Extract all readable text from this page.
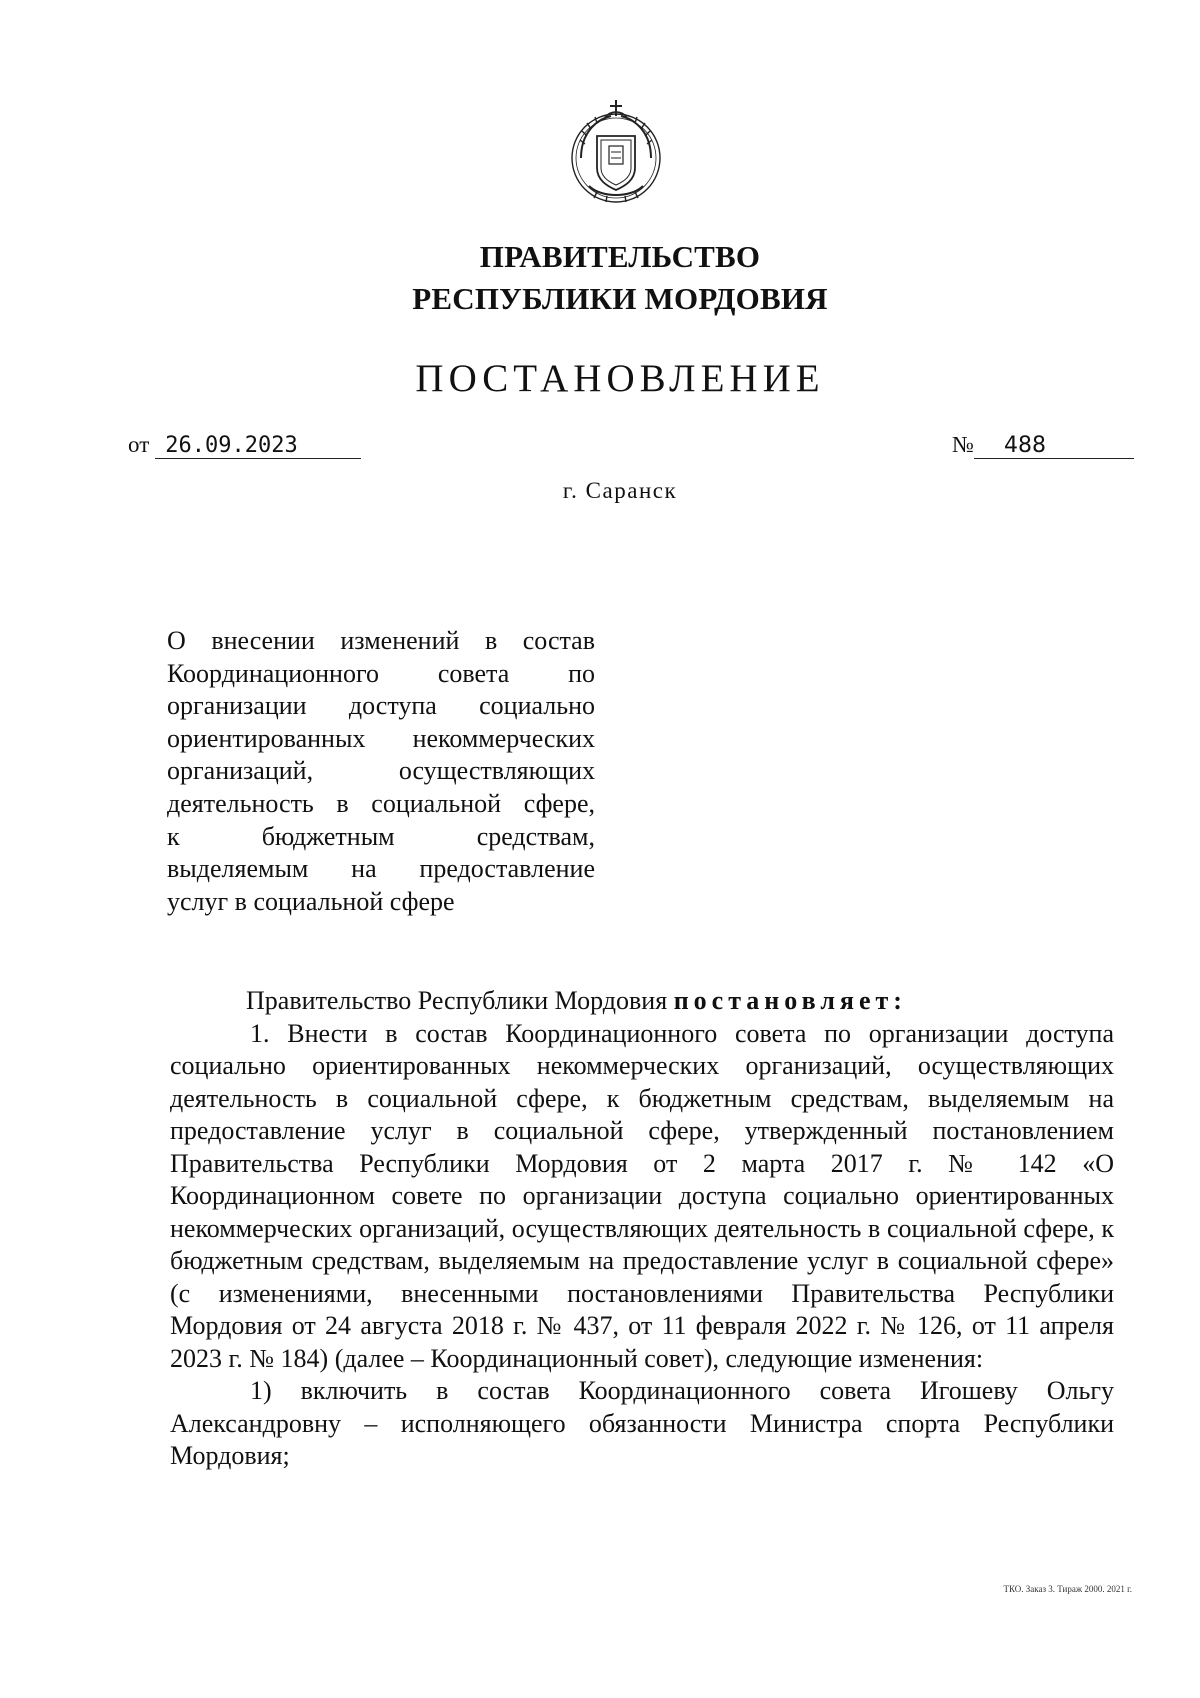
ПРАВИТЕЛЬСТВО
РЕСПУБЛИКИ МОРДОВИЯ
ПОСТАНОВЛЕНИЕ
от 26.09.2023	№ 488
г. Саранск
О внесении изменений в состав
Координационного совета по
организации доступа социально
ориентированных некоммерческих
организаций, осуществляющих
деятельность в социальной сфере,
к бюджетным средствам,
выделяемым на предоставление
услуг в социальной сфере

Правительство Республики Мордовия постановляет:

1. Внести в состав Координационного совета по организации доступа социально ориентированных некоммерческих организаций, осуществляющих деятельность в социальной сфере, к бюджетным средствам, выделяемым на предоставление услуг в социальной сфере, утвержденный постановлением Правительства Республики Мордовия от 2 марта 2017 г. № 142 «О Координационном совете по организации доступа социально ориентированных некоммерческих организаций, осуществляющих деятельность в социальной сфере, к бюджетным средствам, выделяемым на предоставление услуг в социальной сфере» (с изменениями, внесенными постановлениями Правительства Республики Мордовия от 24 августа 2018 г. № 437, от 11 февраля 2022 г. № 126, от 11 апреля 2023 г. № 184) (далее – Координационный совет), следующие изменения:

1) включить в состав Координационного совета Игошеву Ольгу Александровну – исполняющего обязанности Министра спорта Республики Мордовия;

ТКО. Заказ 3. Тираж 2000. 2021 г.
